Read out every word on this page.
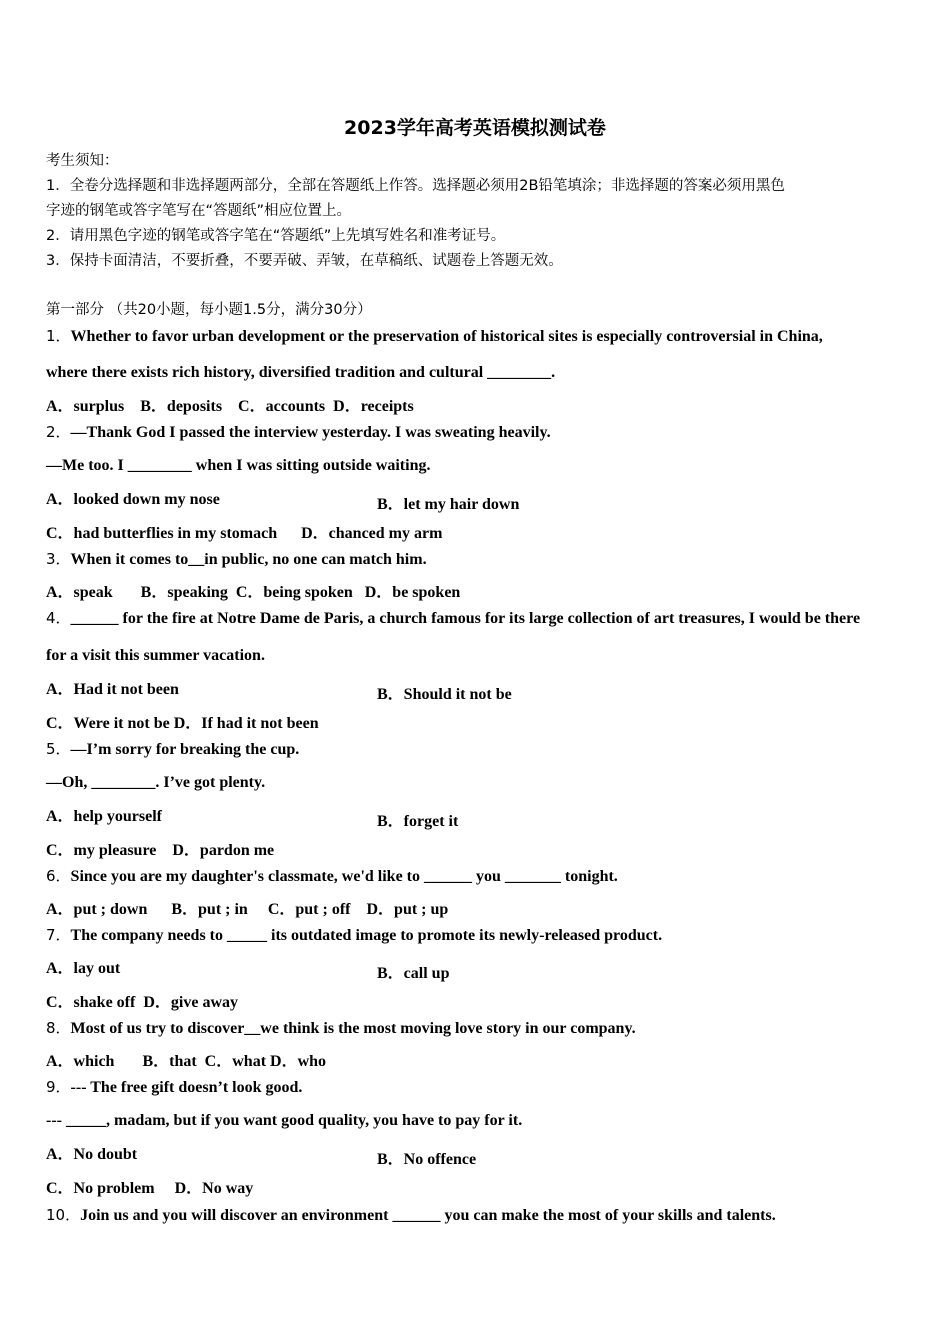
2023学年高考英语模拟测试卷
考生须知：
1．全卷分选择题和非选择题两部分，全部在答题纸上作答。选择题必须用2B铅笔填涂；非选择题的答案必须用黑色
字迹的钢笔或答字笔写在“答题纸”相应位置上。
2．请用黑色字迹的钢笔或答字笔在“答题纸”上先填写姓名和准考证号。
3．保持卡面清洁，不要折叠，不要弄破、弄皱，在草稿纸、试题卷上答题无效。
第一部分 （共20小题，每小题1.5分，满分30分）
1．Whether to favor urban development or the preservation of historical sites is especially controversial in China,
where there exists rich history, diversified tradition and cultural ________.
A．surplus    B．deposits    C．accounts  D．receipts
2．—Thank God I passed the interview yesterday. I was sweating heavily.
—Me too. I ________ when I was sitting outside waiting.
A．looked down my nose	B．let my hair down
C．had butterflies in my stomach      D．chanced my arm
3．When it comes to__in public, no one can match him.
A．speak       B．speaking  C．being spoken   D．be spoken
4．______ for the fire at Notre Dame de Paris, a church famous for its large collection of art treasures, I would be there
for a visit this summer vacation.
A．Had it not been	B．Should it not be
C．Were it not be D．If had it not been
5．—I’m sorry for breaking the cup.
—Oh, ________. I’ve got plenty.
A．help yourself	B．forget it
C．my pleasure    D．pardon me
6．Since you are my daughter's classmate, we'd like to ______ you _______ tonight.
A．put ; down      B．put ; in     C．put ; off    D．put ; up
7．The company needs to _____ its outdated image to promote its newly-released product.
A．lay out	B．call up
C．shake off  D．give away
8．Most of us try to discover__we think is the most moving love story in our company.
A．which       B．that  C．what D．who
9．--- The free gift doesn’t look good.
--- _____, madam, but if you want good quality, you have to pay for it.
A．No doubt	B．No offence
C．No problem     D．No way
10．Join us and you will discover an environment ______ you can make the most of your skills and talents.
